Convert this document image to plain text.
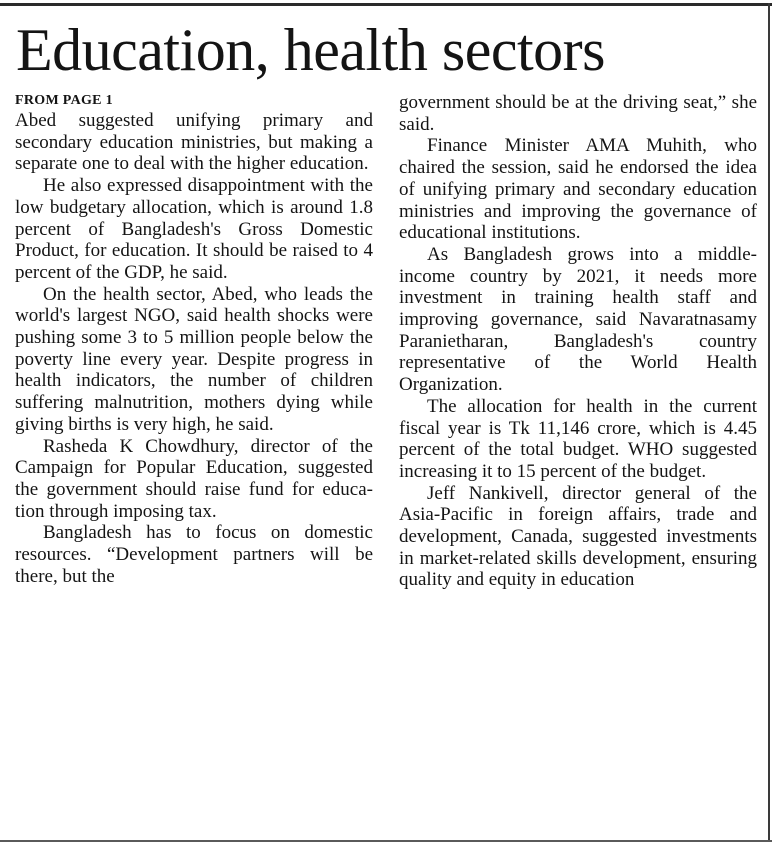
Education, health sectors

FROM PAGE 1

Abed suggested unifying primary and secondary education ministries, but making a separate one to deal with the higher education.

He also expressed disappointment with the low budgetary allocation, which is around 1.8 percent of Bangladesh's Gross Domestic Product, for education. It should be raised to 4 percent of the GDP, he said.

On the health sector, Abed, who leads the world's largest NGO, said health shocks were pushing some 3 to 5 million people below the poverty line every year. Despite progress in health indicators, the number of children suffering malnutrition, mothers dying while giving births is very high, he said.

Rasheda K Chowdhury, director of the Campaign for Popular Education, suggested the government should raise fund for education through imposing tax.

Bangladesh has to focus on domestic resources. “Development partners will be there, but the

government should be at the driving seat,” she said.

Finance Minister AMA Muhith, who chaired the session, said he endorsed the idea of unifying primary and secondary education ministries and improving the governance of educational institutions.

As Bangladesh grows into a middle-income country by 2021, it needs more investment in training health staff and improving governance, said Navaratnasamy Paranietharan, Bangladesh's country representative of the World Health Organization.

The allocation for health in the current fiscal year is Tk 11,146 crore, which is 4.45 percent of the total budget. WHO suggested increasing it to 15 percent of the budget.

Jeff Nankivell, director general of the Asia-Pacific in foreign affairs, trade and development, Canada, suggested investments in market-related skills development, ensuring quality and equity in education
